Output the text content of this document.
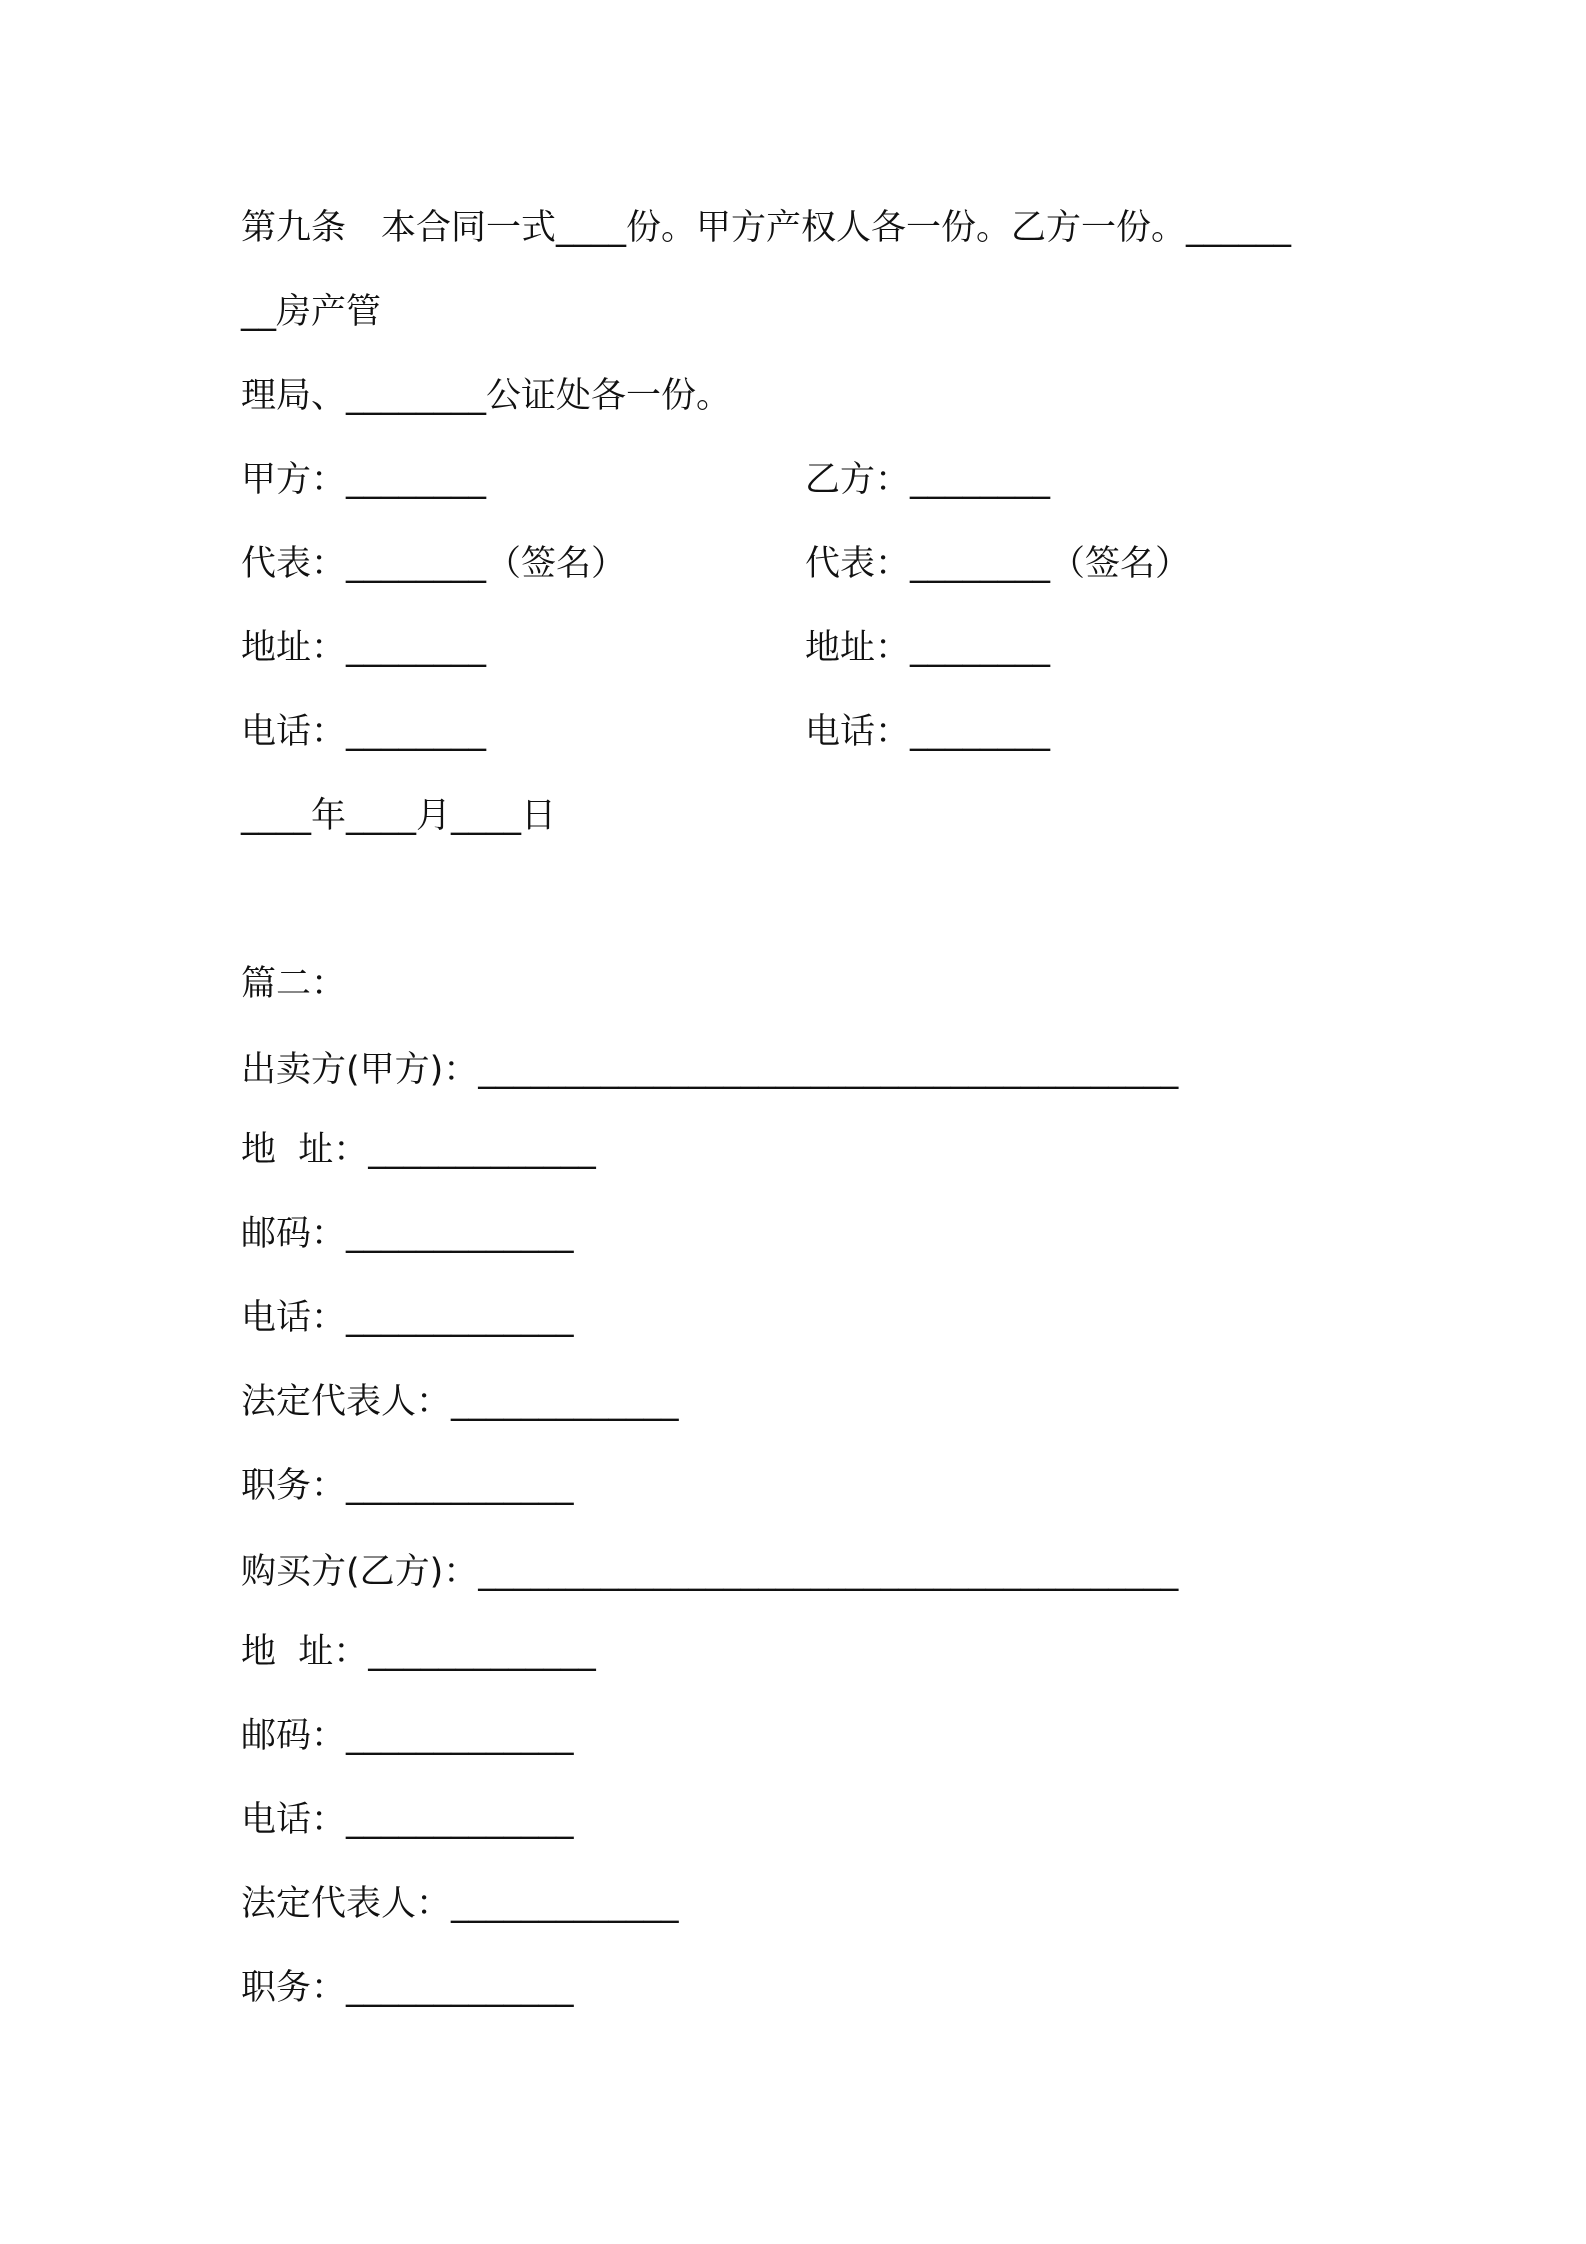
第九条　本合同一式____份。甲方产权人各一份。乙方一份。______
__房产管
理局、________公证处各一份。
甲方：________	乙方：________
代表：________（签名）	代表：________（签名）
地址：________	地址：________
电话：________	电话：________
____年____月____日
篇二：
出卖方(甲方)：________________________________________
地  址：_____________
邮码：_____________
电话：_____________
法定代表人：_____________
职务：_____________
购买方(乙方)：________________________________________
地  址：_____________
邮码：_____________
电话：_____________
法定代表人：_____________
职务：_____________
